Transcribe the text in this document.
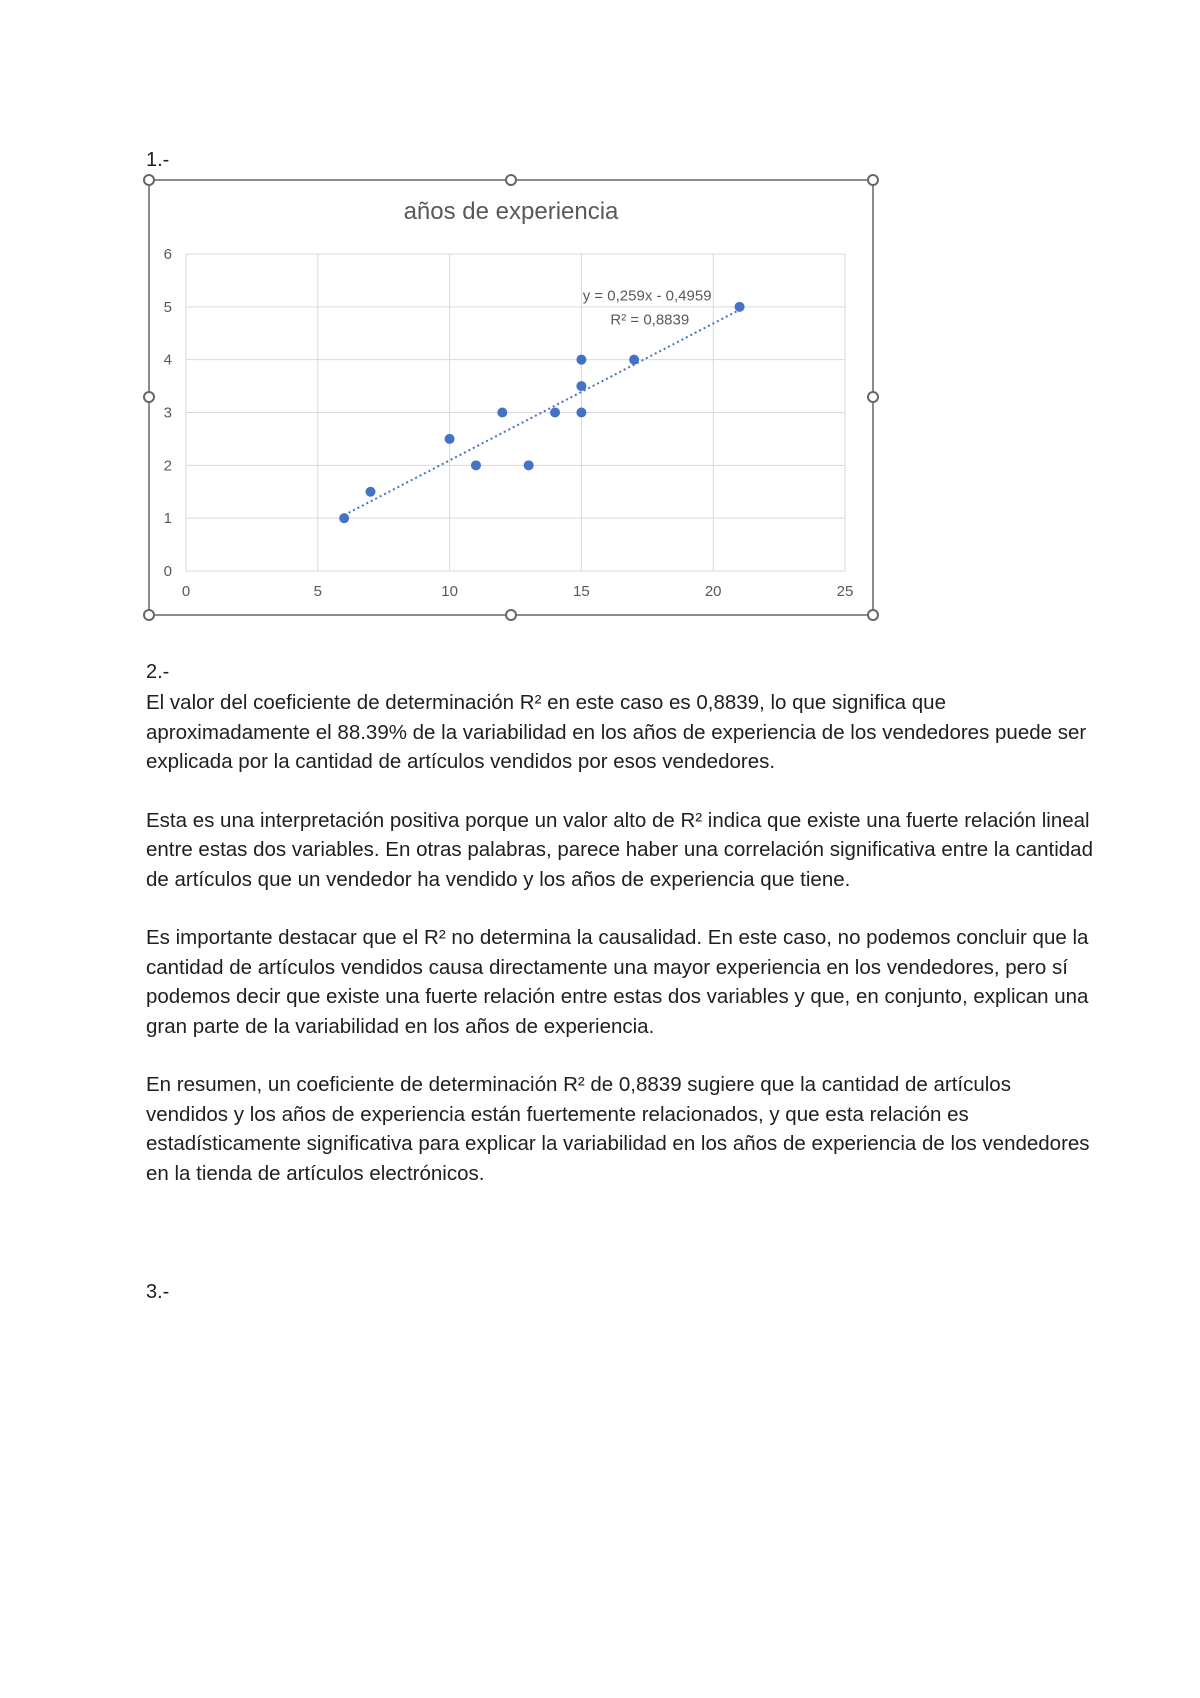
1.-
años de experiencia
0	5	10	15	20	25
0
1
2
3
4
5
6
y = 0,259x - 0,4959
R² = 0,8839
2.-

El valor del coeficiente de determinación R² en este caso es 0,8839, lo que significa que aproximadamente el 88.39% de la variabilidad en los años de experiencia de los vendedores puede ser explicada por la cantidad de artículos vendidos por esos vendedores.

Esta es una interpretación positiva porque un valor alto de R² indica que existe una fuerte relación lineal entre estas dos variables. En otras palabras, parece haber una correlación significativa entre la cantidad de artículos que un vendedor ha vendido y los años de experiencia que tiene.

Es importante destacar que el R² no determina la causalidad. En este caso, no podemos concluir que la cantidad de artículos vendidos causa directamente una mayor experiencia en los vendedores, pero sí podemos decir que existe una fuerte relación entre estas dos variables y que, en conjunto, explican una gran parte de la variabilidad en los años de experiencia.

En resumen, un coeficiente de determinación R² de 0,8839 sugiere que la cantidad de artículos vendidos y los años de experiencia están fuertemente relacionados, y que esta relación es estadísticamente significativa para explicar la variabilidad en los años de experiencia de los vendedores en la tienda de artículos electrónicos.

3.-
